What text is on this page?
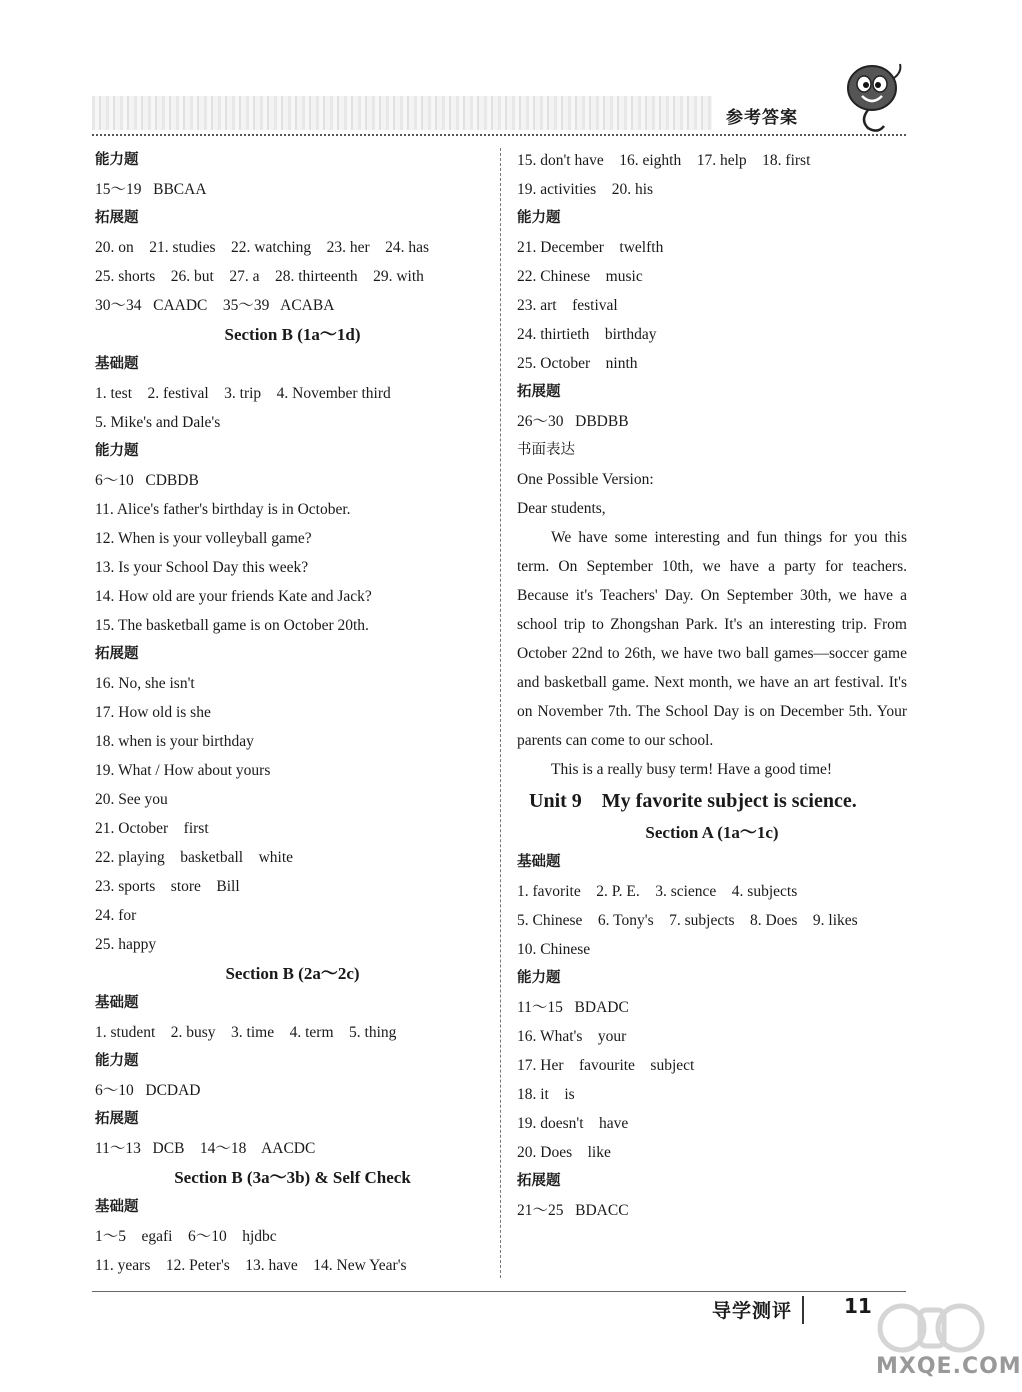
参考答案
能力题
15～19   BBCAA
拓展题
20. on    21. studies    22. watching    23. her    24. has
25. shorts    26. but    27. a    28. thirteenth    29. with
30～34   CAADC    35～39   ACABA
Section B (1a～1d)
基础题
1. test    2. festival    3. trip    4. November third
5. Mike's and Dale's
能力题
6～10   CDBDB
11. Alice's father's birthday is in October.
12. When is your volleyball game?
13. Is your School Day this week?
14. How old are your friends Kate and Jack?
15. The basketball game is on October 20th.
拓展题
16. No, she isn't
17. How old is she
18. when is your birthday
19. What / How about yours
20. See you
21. October    first
22. playing    basketball    white
23. sports    store    Bill
24. for
25. happy
Section B (2a～2c)
基础题
1. student    2. busy    3. time    4. term    5. thing
能力题
6～10   DCDAD
拓展题
11～13   DCB    14～18    AACDC
Section B (3a～3b) & Self Check
基础题
1～5    egafi    6～10    hjdbc
11. years    12. Peter's    13. have    14. New Year's
15. don't have    16. eighth    17. help    18. first
19. activities    20. his
能力题
21. December    twelfth
22. Chinese    music
23. art    festival
24. thirtieth    birthday
25. October    ninth
拓展题
26～30   DBDBB
书面表达
One Possible Version:
Dear students,
We have some interesting and fun things for you this term. On September 10th, we have a party for teachers. Because it's Teachers' Day. On September 30th, we have a school trip to Zhongshan Park. It's an interesting trip. From October 22nd to 26th, we have two ball games—soccer game and basketball game. Next month, we have an art festival. It's on November 7th. The School Day is on December 5th. Your parents can come to our school.
This is a really busy term! Have a good time!
Unit 9    My favorite subject is science.
Section A (1a～1c)
基础题
1. favorite    2. P. E.    3. science    4. subjects
5. Chinese    6. Tony's    7. subjects    8. Does    9. likes
10. Chinese
能力题
11～15   BDADC
16. What's    your
17. Her    favourite    subject
18. it    is
19. doesn't    have
20. Does    like
拓展题
21～25   BDACC
导学测评	11
MXQE.COM
